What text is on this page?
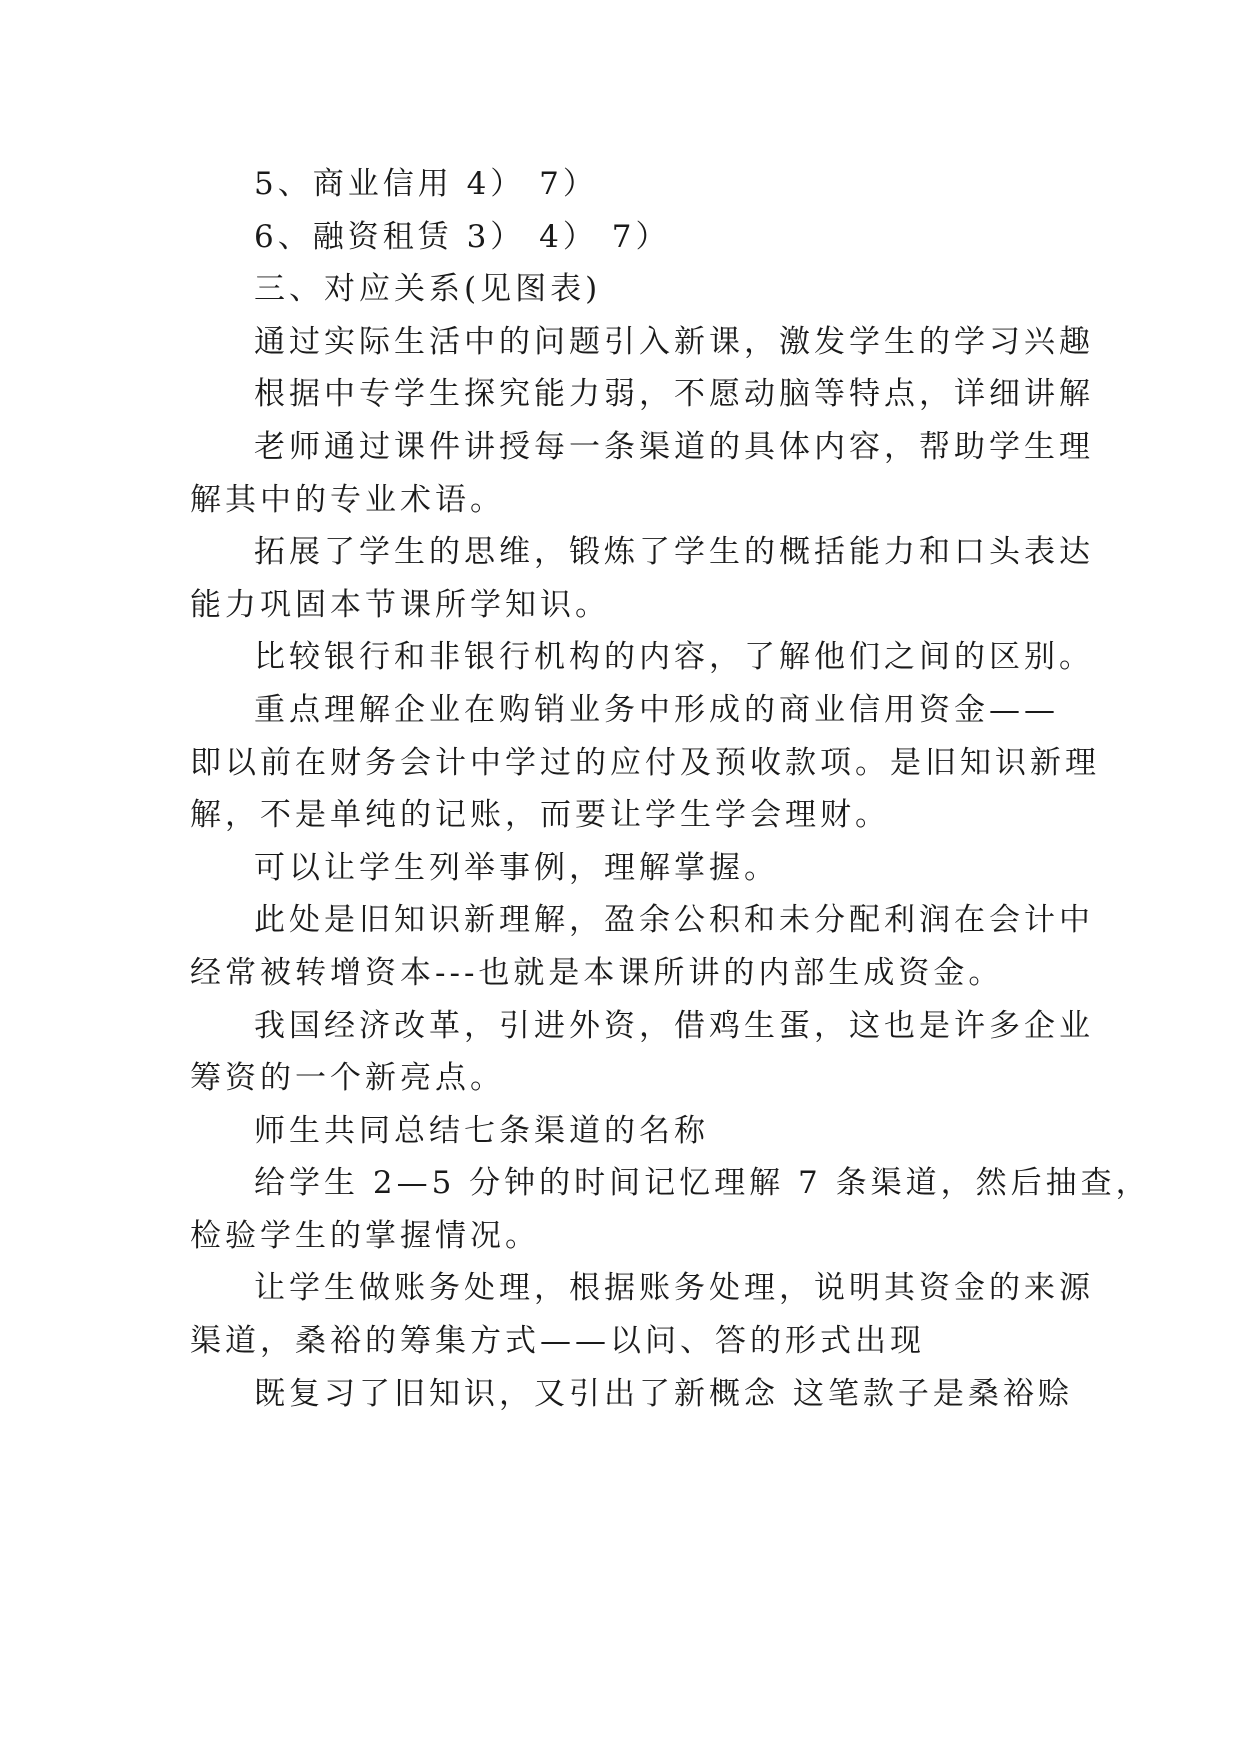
5、商业信用 4） 7）

6、融资租赁 3） 4） 7）

三、对应关系(见图表)

通过实际生活中的问题引入新课，激发学生的学习兴趣

根据中专学生探究能力弱，不愿动脑等特点，详细讲解

老师通过课件讲授每一条渠道的具体内容，帮助学生理

解其中的专业术语。

拓展了学生的思维，锻炼了学生的概括能力和口头表达

能力巩固本节课所学知识。

比较银行和非银行机构的内容，了解他们之间的区别。

重点理解企业在购销业务中形成的商业信用资金——

即以前在财务会计中学过的应付及预收款项。是旧知识新理

解，不是单纯的记账，而要让学生学会理财。

可以让学生列举事例，理解掌握。

此处是旧知识新理解，盈余公积和未分配利润在会计中

经常被转增资本---也就是本课所讲的内部生成资金。

我国经济改革，引进外资，借鸡生蛋，这也是许多企业

筹资的一个新亮点。

师生共同总结七条渠道的名称

给学生 2—5 分钟的时间记忆理解 7 条渠道，然后抽查，

检验学生的掌握情况。

让学生做账务处理，根据账务处理，说明其资金的来源

渠道，桑裕的筹集方式——以问、答的形式出现

既复习了旧知识，又引出了新概念 这笔款子是桑裕赊
